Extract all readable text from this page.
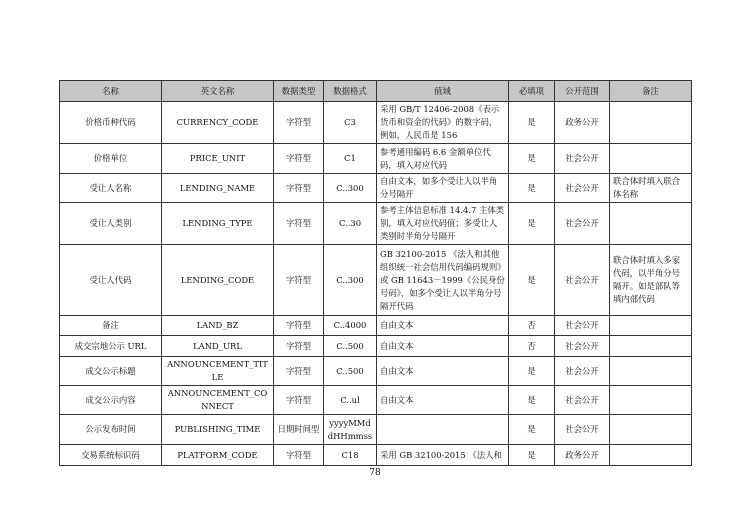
名称	英文名称	数据类型	数据格式	值域	必填项	公开范围	备注
价格币种代码	CURRENCY_CODE	字符型	C3	采用 GB/T 12406-2008《表示货币和资金的代码》的数字码，例如，人民币是 156	是	政务公开	
价格单位	PRICE_UNIT	字符型	C1	参考通用编码 6.6 金额单位代码，填入对应代码	是	社会公开	
受让人名称	LENDING_NAME	字符型	C..300	自由文本，如多个受让人以半角分号隔开	是	社会公开	联合体时填入联合体名称
受让人类别	LENDING_TYPE	字符型	C..30	参考主体信息标准 14.4.7 主体类别，填入对应代码值；多受让人类别时半角分号隔开	是	社会公开	
受让人代码	LENDING_CODE	字符型	C..300	GB 32100-2015 《法人和其他组织统一社会信用代码编码规则》或 GB 11643－1999《公民身份号码》，如多个受让人以半角分号隔开代码	是	社会公开	联合体时填入多家代码，以半角分号隔开。如是部队等填内部代码
备注	LAND_BZ	字符型	C..4000	自由文本	否	社会公开	
成交宗地公示 URL	LAND_URL	字符型	C..500	自由文本	否	社会公开	
成交公示标题	ANNOUNCEMENT_TITLE	字符型	C..500	自由文本	是	社会公开	
成交公示内容	ANNOUNCEMENT_CONNECT	字符型	C..ul	自由文本	是	社会公开	
公示发布时间	PUBLISHING_TIME	日期时间型	yyyyMMddHHmmss		是	社会公开	
交易系统标识码	PLATFORM_CODE	字符型	C18	采用 GB 32100-2015 《法人和	是	政务公开	
78
